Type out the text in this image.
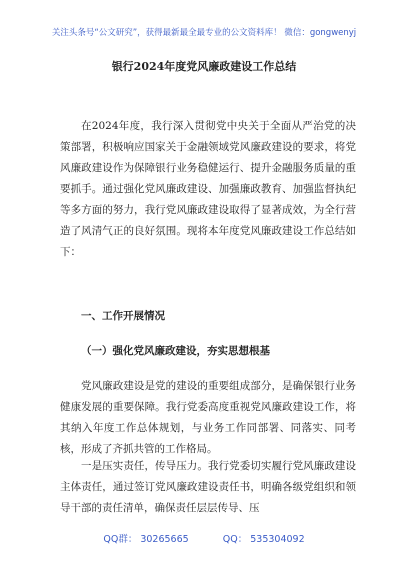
关注头条号“公文研究”，获得最新最全最专业的公文资料库！ 微信：gongwenyj
银行2024年度党风廉政建设工作总结

在2024年度，我行深入贯彻党中央关于全面从严治党的决策部署，积极响应国家关于金融领域党风廉政建设的要求，将党风廉政建设作为保障银行业务稳健运行、提升金融服务质量的重要抓手。通过强化党风廉政建设、加强廉政教育、加强监督执纪等多方面的努力，我行党风廉政建设取得了显著成效，为全行营造了风清气正的良好氛围。现将本年度党风廉政建设工作总结如下：

一、工作开展情况

（一）强化党风廉政建设，夯实思想根基

党风廉政建设是党的建设的重要组成部分，是确保银行业务健康发展的重要保障。我行党委高度重视党风廉政建设工作，将其纳入年度工作总体规划，与业务工作同部署、同落实、同考核，形成了齐抓共管的工作格局。

一是压实责任，传导压力。我行党委切实履行党风廉政建设主体责任，通过签订党风廉政建设责任书，明确各级党组织和领导干部的责任清单，确保责任层层传导、压

QQ群： 30265665	QQ： 535304092
